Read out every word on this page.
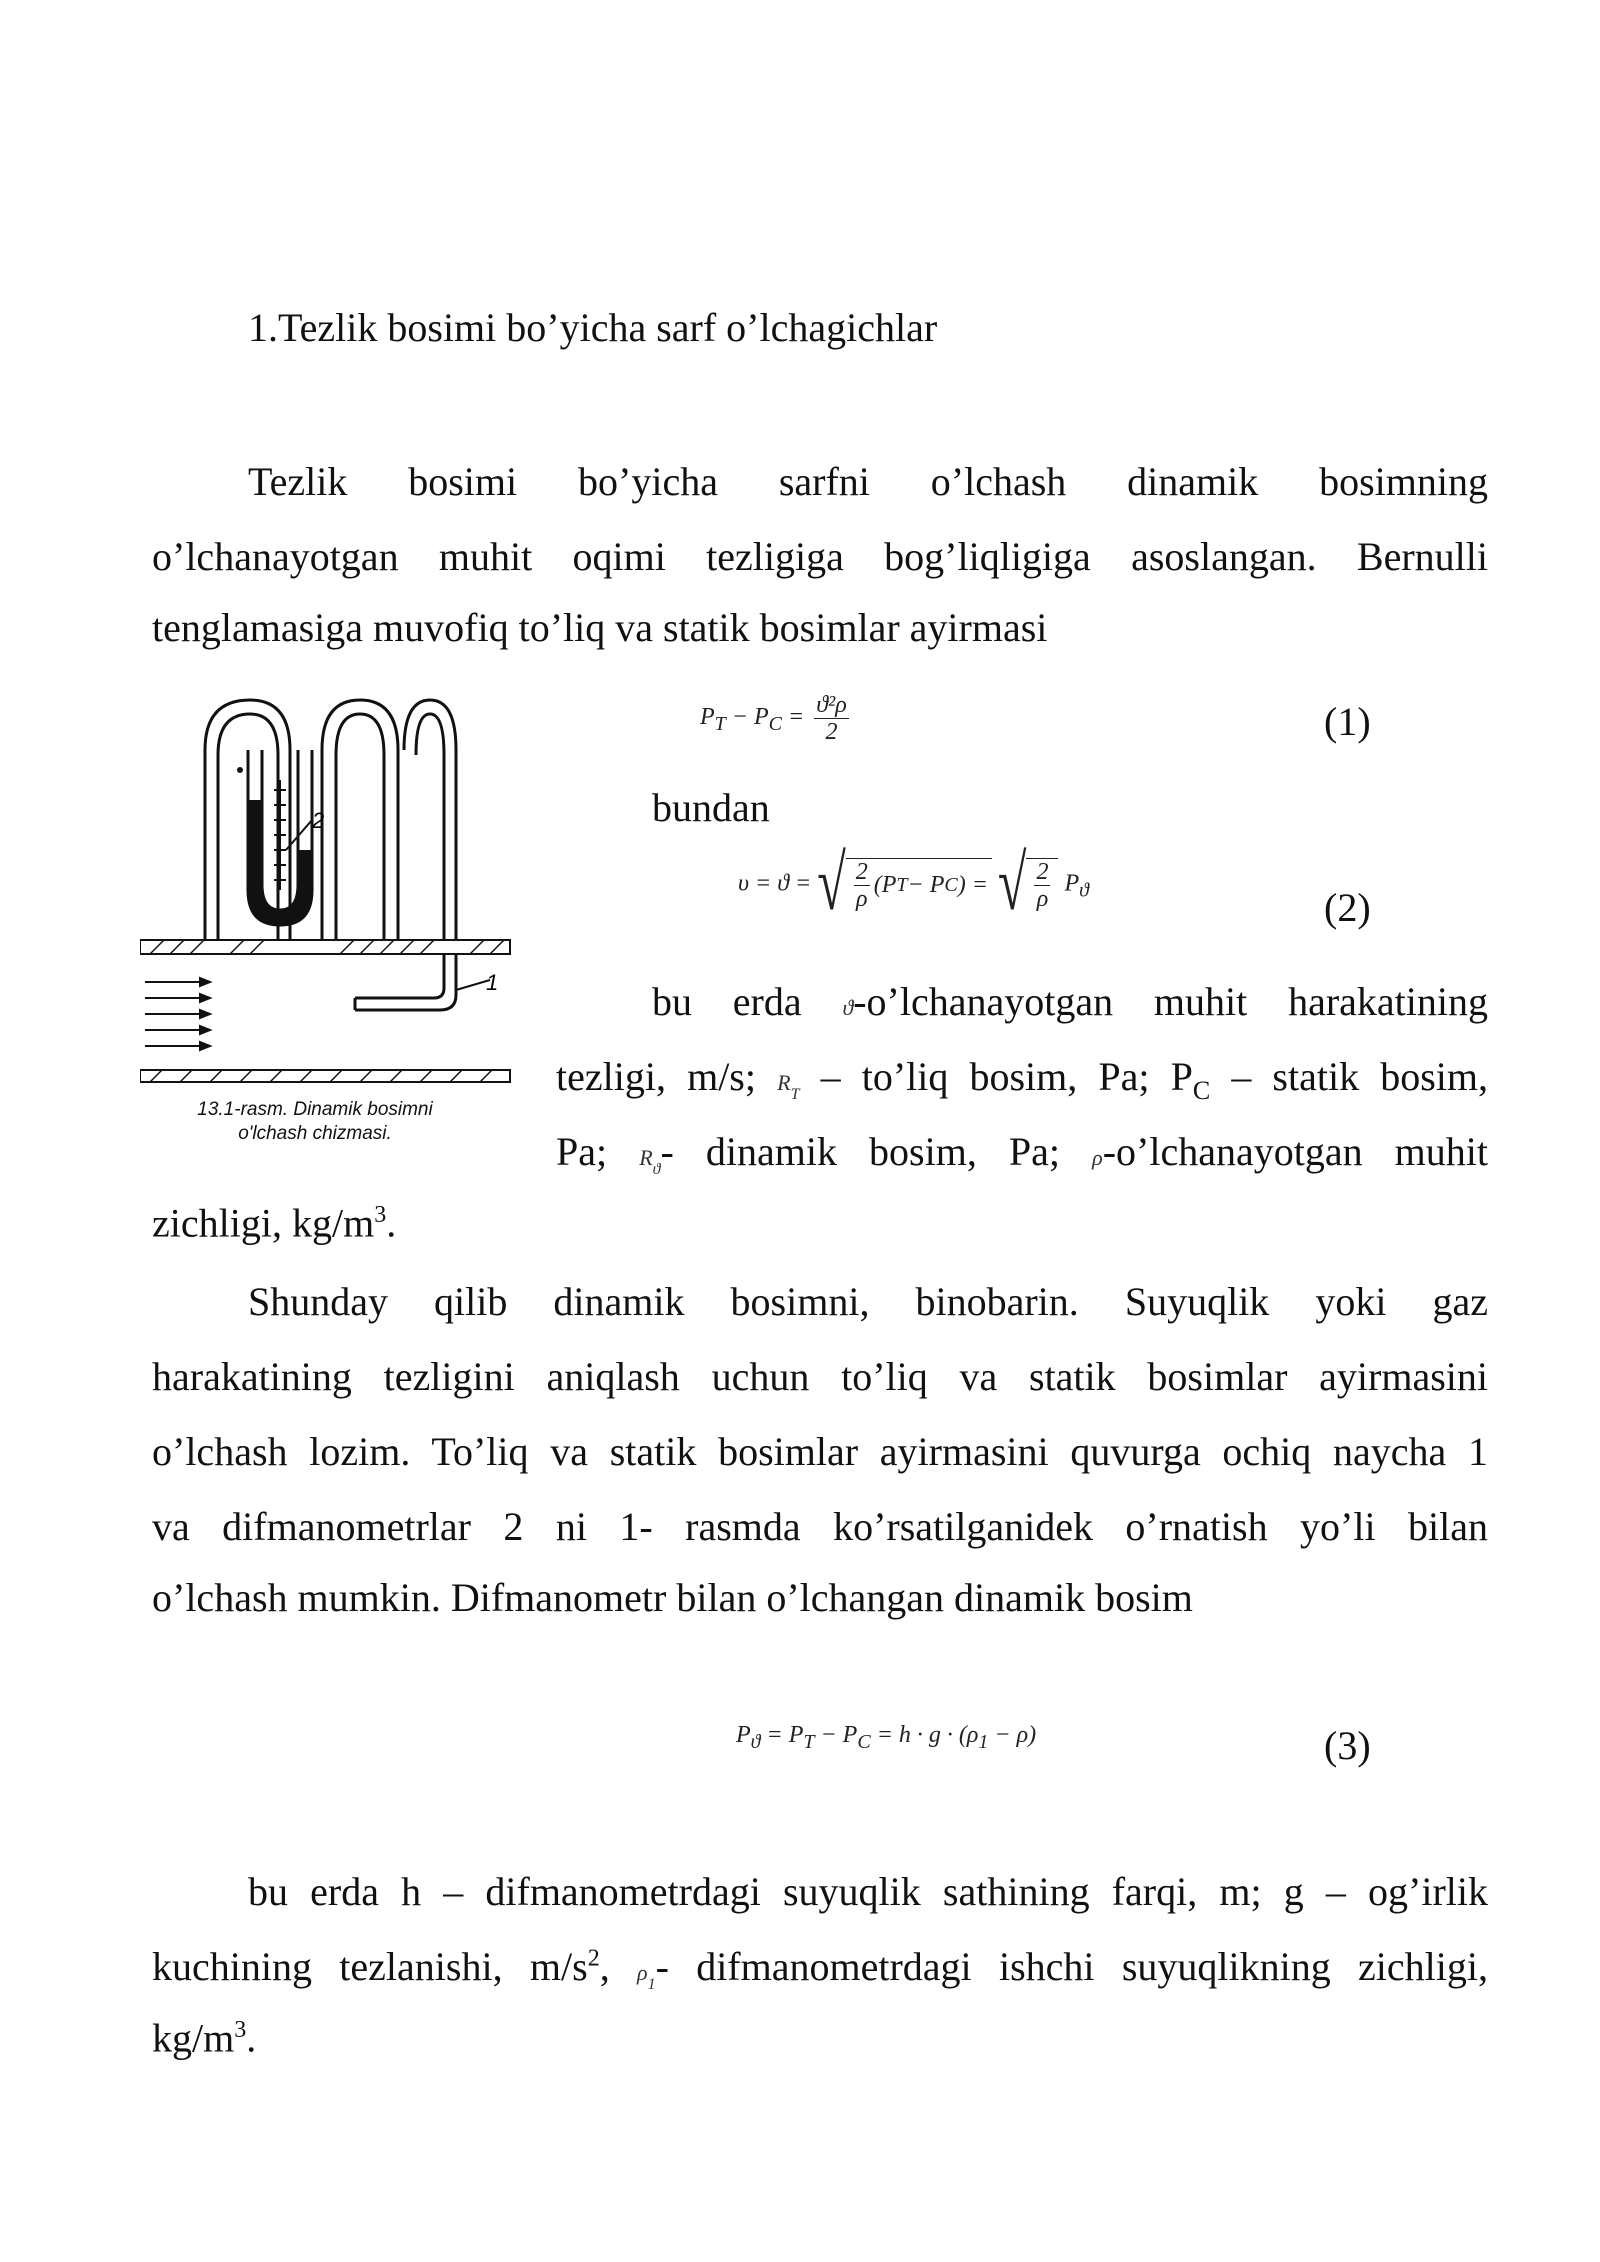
1.Tezlik bosimi bo’yicha sarf o’lchagichlar
Tezlik bosimi bo’yicha sarfni o’lchash dinamik bosimning
o’lchanayotgan muhit oqimi tezligiga bog’liqligiga asoslangan. Bernulli
tenglamasiga muvofiq to’liq va statik bosimlar ayirmasi
2
1
13.1-rasm. Dinamik bosimni
o'lchash chizmasi.
$P_T - P_C = \frac{\text{ϑ²ρ}}{2}$	(1)
bundan
υ = ϑ = √ $\frac{2}{\rho} (P$ T − P C ) =
√ $\frac{2}{\rho} P_ϑ$	(2)
bu erda ϑ-o’lchanayotgan muhit harakatining
tezligi, m/s; $R_T$ – to’liq bosim, Pa; $P_C$ – statik bosim,
Pa; $R_ϑ-$ dinamik bosim, Pa; ρ-o’lchanayotgan muhit
zichligi, $kg/m^3$.
Shunday qilib dinamik bosimni, binobarin. Suyuqlik yoki gaz
harakatining tezligini aniqlash uchun to’liq va statik bosimlar ayirmasini
o’lchash lozim. To’liq va statik bosimlar ayirmasini quvurga ochiq naycha 1
va difmanometrlar 2 ni 1- rasmda ko’rsatilganidek o’rnatish yo’li bilan
o’lchash mumkin. Difmanometr bilan o’lchangan dinamik bosim
$P_ϑ = P_T - P_C = h \cdot g \cdot (\rho_1 - \rho)$	(3)
bu erda h – difmanometrdagi suyuqlik sathining farqi, m; g – og’irlik
kuchining tezlanishi, $m/s^2$, $\rho_1-$ difmanometrdagi ishchi suyuqlikning zichligi,
$kg/m^3$.
